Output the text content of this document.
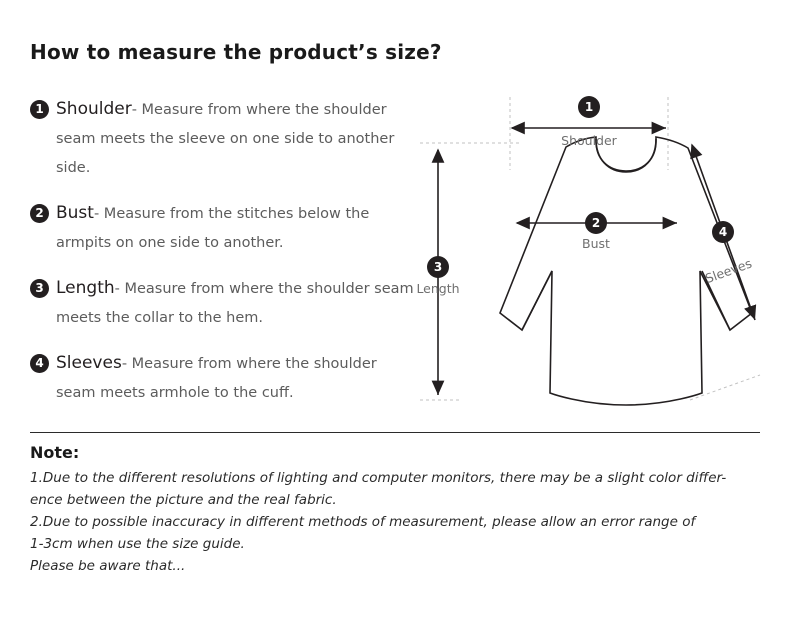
How to measure the product’s size?
1 Shoulder- Measure from where the shoulder seam meets the sleeve on one side to another side.
2 Bust- Measure from the stitches below the armpits on one side to another.
3 Length- Measure from where the shoulder seam meets the collar to the hem.
4 Sleeves- Measure from where the shoulder seam meets armhole to the cuff.
1
Shoulder
2
Bust
3
Length
4
Sleeves
Note:
1.Due to the different resolutions of lighting and computer monitors, there may be a slight color differ-
ence between the picture and the real fabric.
2.Due to possible inaccuracy in different methods of measurement, please allow an error range of
1-3cm when use the size guide.
Please be aware that...
